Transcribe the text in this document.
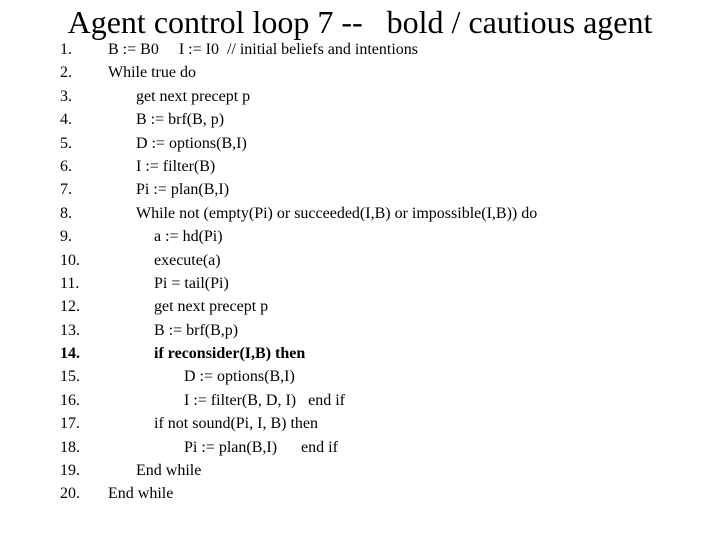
Agent control loop 7 --   bold / cautious agent
1.	B := B0     I := I0  // initial beliefs and intentions
2.	While true do
3.	get next precept p
4.	B := brf(B, p)
5.	D := options(B,I)
6.	I := filter(B)
7.	Pi := plan(B,I)
8.	While not (empty(Pi) or succeeded(I,B) or impossible(I,B)) do
9.	a := hd(Pi)
10.	execute(a)
11.	Pi = tail(Pi)
12.	get next precept p
13.	B := brf(B,p)
14.	if reconsider(I,B) then
15.	D := options(B,I)
16.	I := filter(B, D, I)   end if
17.	if not sound(Pi, I, B) then
18.	Pi := plan(B,I)      end if
19.	End while
20.	End while
